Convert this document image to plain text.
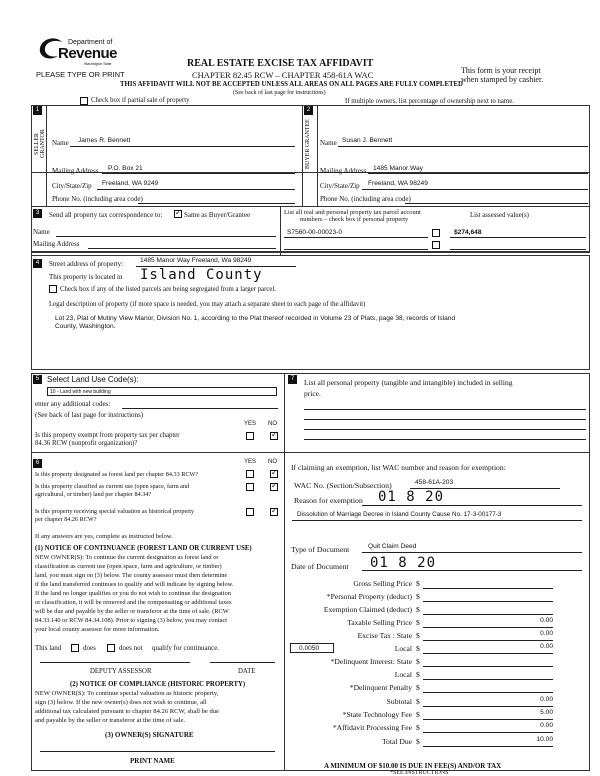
Department of
Revenue
Washington State
PLEASE TYPE OR PRINT
REAL ESTATE EXCISE TAX AFFIDAVIT
CHAPTER 82.45 RCW – CHAPTER 458-61A WAC
THIS AFFIDAVIT WILL NOT BE ACCEPTED UNLESS ALL AREAS ON ALL PAGES ARE FULLY COMPLETED
(See back of last page for instructions)
This form is your receipt
when stamped by cashier.
Check box if partial sale of property	If multiple owners, list percentage of ownership next to name.
1
SELLER GRANTOR Name James R. Bennett
Mailing Address P.O. Box 21
2
BUYER GRANTEE	Name Susan J. Bennett
Mailing Address 1485 Manor Way
City/State/Zip Freeland, WA 9249
Phone No. (including area code)
City/State/Zip Freeland, WA 98249
Phone No. (including area code)
3	Send all property tax correspondence to:
✓	Same as Buyer/Grantee
Name
Mailing Address
List all real and personal property tax parcel account
numbers – check box if personal property
List assessed value(s)
S7560-00-00023-0	$274,648
4	Street address of property:	1485 Manor Way Freeland, Wa 98249
This property is located in Island County
Check box if any of the listed parcels are being segregated from a larger parcel.
Legal description of property (if more space is needed, you may attach a separate sheet to each page of the affidavit)
Lot 23, Plat of Mutiny View Manor, Division No. 1, according to the Plat thereof recorded in Volume 23 of Plats, page 38, records of Island
County, Washington.
5 Select Land Use Code(s):
10 - Land with new building
enter any additional codes:
(See back of last page for instructions)
YES NO
Is this property exempt from property tax per chapter
84.36 RCW (nonprofit organization)?
✓
6	YES NO
Is this property designated as forest land per chapter 84.33 RCW?
✓
Is this property classified as current use (open space, farm and
agricultural, or timber) land per chapter 84.34?
✓
Is this property receiving special valuation as historical property
per chapter 84.26 RCW?
✓
If any answers are yes, complete as instructed below.
(1) NOTICE OF CONTINUANCE (FOREST LAND OR CURRENT USE)
NEW OWNER(S): To continue the current designation as forest land or
classification as current use (open space, farm and agriculture, or timber)
land, you must sign on (3) below. The county assessor must then determine
if the land transferred continues to qualify and will indicate by signing below.
If the land no longer qualifies or you do not wish to continue the designation
or classification, it will be removed and the compensating or additional taxes
will be due and payable by the seller or transferor at the time of sale. (RCW
84.33.140 or RCW 84.34.108). Prior to signing (3) below, you may contact
your local county assessor for more information.
This land	does	does not qualify for continuance.
DEPUTY ASSESSOR	DATE
(2) NOTICE OF COMPLIANCE (HISTORIC PROPERTY)
NEW OWNER(S): To continue special valuation as historic property,
sign (3) below. If the new owner(s) does not wish to continue, all
additional tax calculated pursuant to chapter 84.26 RCW, shall be due
and payable by the seller or transferor at the time of sale.
(3) OWNER(S) SIGNATURE
PRINT NAME
7	List all personal property (tangible and intangible) included in selling
price.
If claiming an exemption, list WAC number and reason for exemption:
WAC No. (Section/Subsection)	458-61A-203
Reason for exemption 01 8 20
Dissolution of Marriage Decree in Island County Cause No. 17-3-00177-3
Type of Document	Quit Claim Deed
Date of Document 01 8 20
Gross Selling Price $
*Personal Property (deduct) $
Exemption Claimed (deduct) $
Taxable Selling Price $	0.00
Excise Tax : State $	0.00
0.0050	Local $	0.00
*Delinquent Interest: State $
Local $
*Delinquent Penalty $
Subtotal $	0.00
*State Technology Fee $	5.00
*Affidavit Processing Fee $	0.00
Total Due $	10.00
A MINIMUM OF $10.00 IS DUE IN FEE(S) AND/OR TAX
*SEE INSTRUCTIONS
